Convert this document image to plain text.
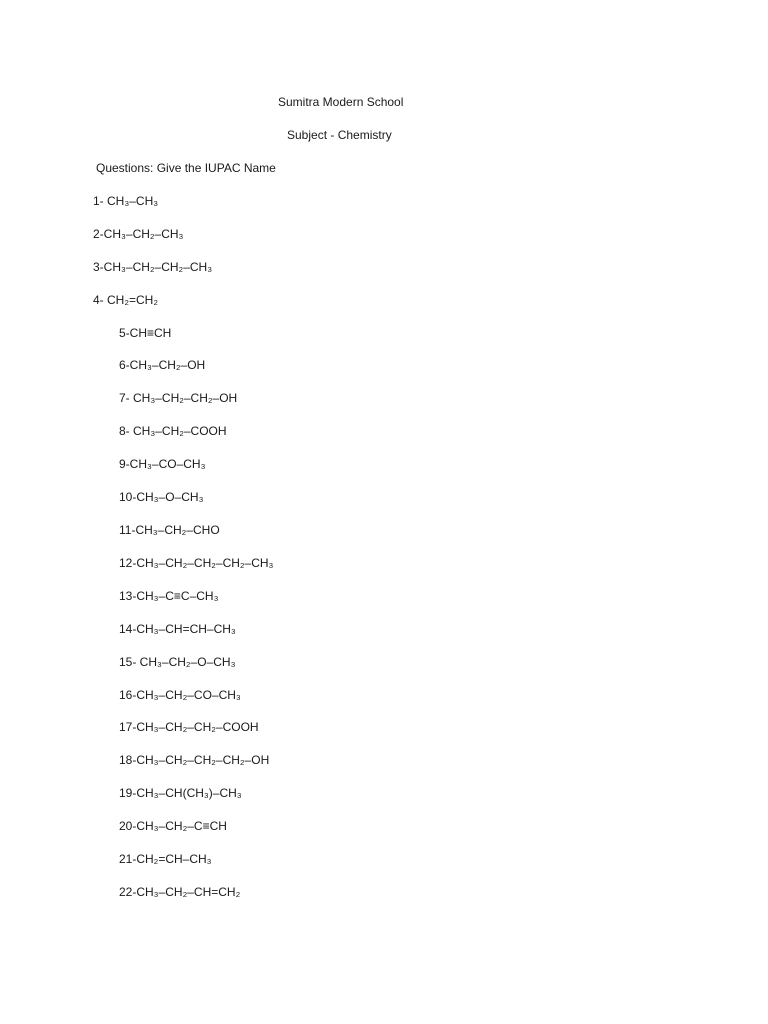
Sumitra Modern School
Subject - Chemistry
Questions: Give the IUPAC Name
1- CH₃–CH₃
2-CH₃–CH₂–CH₃
3-CH₃–CH₂–CH₂–CH₃
4- CH₂=CH₂
5-CH≡CH
6-CH₃–CH₂–OH
7- CH₃–CH₂–CH₂–OH
8- CH₃–CH₂–COOH
9-CH₃–CO–CH₃
10-CH₃–O–CH₃
11-CH₃–CH₂–CHO
12-CH₃–CH₂–CH₂–CH₂–CH₃
13-CH₃–C≡C–CH₃
14-CH₃–CH=CH–CH₃
15- CH₃–CH₂–O–CH₃
16-CH₃–CH₂–CO–CH₃
17-CH₃–CH₂–CH₂–COOH
18-CH₃–CH₂–CH₂–CH₂–OH
19-CH₃–CH(CH₃)–CH₃
20-CH₃–CH₂–C≡CH
21-CH₂=CH–CH₃
22-CH₃–CH₂–CH=CH₂
